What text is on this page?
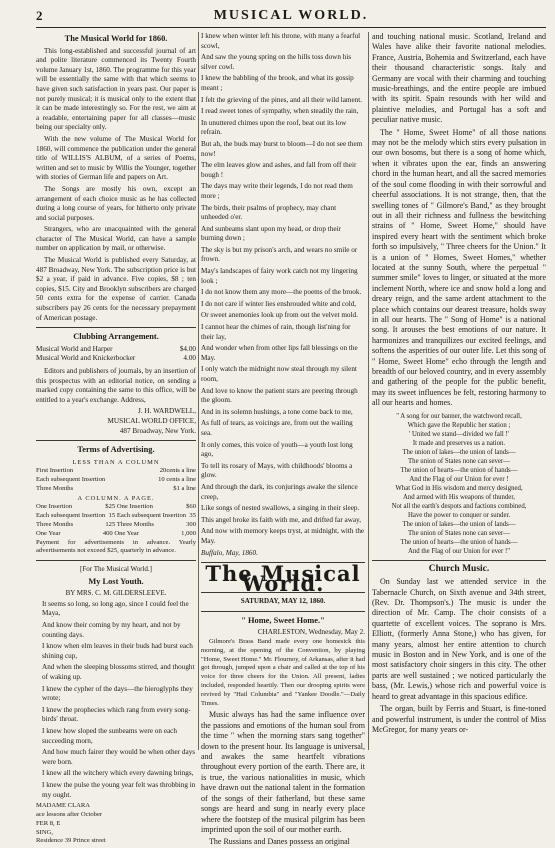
2	MUSICAL WORLD.
The Musical World for 1860.

This long-established and successful journal of art and polite literature commenced its Twenty Fourth volume January 1st, 1860. The programme for this year will be essentially the same with that which seems to have given such satisfaction in years past. Our paper is not purely musical; it is musical only to the extent that it can be made interestingly so. For the rest, we aim at a readable, entertaining paper for all classes—music being our specialty only.

With the new volume of The Musical World for 1860, will commence the publication under the general title of WILLIS'S ALBUM, of a series of Poems, written and set to music by Willis the Younger, together with stories of German life and papers on Art.

The Songs are mostly his own, except an arrangement of each choice music as he has collected during a long course of years, for hitherto only private and social purposes.

Strangers, who are unacquainted with the general character of The Musical World, can have a sample number on application by mail, or otherwise.

The Musical World is published every Saturday, at 487 Broadway, New York. The subscription price is but $2 a year, if paid in advance. Five copies, $8 ; ten copies, $15. City and Brooklyn subscribers are charged 50 cents extra for the expense of carrier. Canada subscribers pay 26 cents for the necessary prepayment of American postage.

Clubbing Arrangement.
Musical World and Harper	$4.00
Musical World and Knickerbocker	4.00

Editors and publishers of journals, by an insertion of this prospectus with an editorial notice, on sending a marked copy containing the same to this office, will be entitled to a year's exchange. Address,

J. H. WARDWELL,
MUSICAL WORLD OFFICE,
487 Broadway, New York.
Terms of Advertising.
LESS THAN A COLUMN
First Insertion	20cents a line
Each subsequent Insertion	10 cents a line
Three Months	$1 a line
A COLUMN. A PAGE.
One Insertion	$25 One Insertion	$60
Each subsequent Insertion 15 Each subsequent Insertion 35
Three Months	125 Three Months	300
One Year	400 One Year	1,000

Payment for advertisements in advance. Yearly advertisements not exceed $25, quarterly in advance.

[For The Musical World.]
My Lost Youth.
BY MRS. C. M. GILDERSLEEVE.

It seems so long, so long ago, since I could feel the Maya,

And know their coming by my heart, and not by counting days.

I know when elm leaves in their buds had burst each shining cup,

And when the sleeping blossoms stirred, and thought of waking up.

I knew the cypher of the days—the hieroglyphs they wrote;

I knew the prophecies which rang from every song-birds' throat.

I knew how sloped the sunbeams were on each succeeding morn,

And how much fairer they would be when other days were born.

I knew all the witchery which every dawning brings,

I knew the pulse the young year felt was throbbing in my ought.

MADAME CLARA
ace lessons after October
FER 8, E
SING,
Residence 39 Prince street

I knew when winter left his throne, with many a fearful scowl,

And saw the young spring on the hills toss down his silver cowl.

I knew the babbling of the brook, and what its gossip meant ;

I felt the grieving of the pines, and all their wild lament.

I read sweet tones of sympathy, when steadily the rain,

In unuttered chimes upon the roof, beat out its low refrain.

But ah, the buds may burst to bloom—I do not see them now!

The elm leaves glow and ashes, and fall from off their bough !

The days may write their legends, I do not read them more ;

The birds, their psalms of prophecy, may chant unheeded o'er.

And sunbeams slant upon my head, or drop their burning down ;

The sky is but my prison's arch, and wears no smile or frown.

May's landscapes of fairy work catch not my lingering look ;

I do not know them any more—the poems of the brook.

I do not care if winter lies enshrouded white and cold,

Or sweet anemonies look up from out the velvet mold.

I cannot hear the chimes of rain, though list'ning for their lay,

And wonder when from other lips fall blessings on the May.

I only watch the midnight now steal through my silent room,

And love to know the patient stars are peering through the gloom.

And in its solemn hushings, a tone come back to me,

As full of tears, as voicings are, from out the wailing sea.

It only comes, this voice of youth—a youth lost long ago,

To tell its rosary of Mays, with childhoods' blooms a glow.

And through the dark, its conjurings awake the silence creep,

Like songs of nested swallows, a singing in their sleep.

This angel broke its faith with me, and drifted far away,

And now with memory keeps tryst, at midnight, with the May.

Buffalo, May, 1860.

The Musical World.
SATURDAY, MAY 12, 1860.
" Home, Sweet Home."
CHARLESTON, Wednesday, May 2.

Gilmore's Brass Band made every one homesick this morning, at the opening of the Convention, by playing "Home, Sweet Home." Mr. Flournoy, of Arkansas, after it had got through, jumped upon a chair and called at the top of his voice for three cheers for the Union. All present, ladies included, responded heartily. Then our drooping spirits were revived by "Hail Columbia" and "Yankee Doodle."—Daily Times.

Music always has had the same influence over the passions and emotions of the human soul from the time " when the morning stars sang together" down to the present hour. Its language is universal, and awakes the same heartfelt vibrations throughout every portion of the earth. There are, it is true, the various nationalities in music, which have drawn out the national talent in the formation of the songs of their fatherland, but these same songs are heard and sung in nearly every place where the footstep of the musical pilgrim has been imprinted upon the soil of our mother earth.

The Russians and Danes possess an original

and touching national music. Scotland, Ireland and Wales have alike their favorite national melodies. France, Austria, Bohemia and Switzerland, each have their thousand characteristic songs. Italy and Germany are vocal with their charming and touching music-breathings, and the entire people are imbued with its spirit. Spain resounds with her wild and plaintive melodies, and Portugal has a soft and peculiar native music.

The " Home, Sweet Home" of all those nations may not be the melody which stirs every pulsation in our own bosoms, but there is a song of home which, when it vibrates upon the ear, finds an answering chord in the human heart, and all the sacred memories of the soul come flooding in with their sorrowful and cheerful associations. It is not strange, then, that the swelling tones of " Gilmore's Band," as they brought out in all their richness and fullness the bewitching strains of " Home, Sweet Home," should have inspired every heart with the sentiment which broke forth so impulsively, " Three cheers for the Union." It is a union of " Homes, Sweet Homes," whether located at the sunny South, where the perpetual " summer smile" loves to linger, or situated at the more inclement North, where ice and snow hold a long and dreary reign, and the same ardent attachment to the place which contains our dearest treasure, holds sway in all our hearts. The " Song of Home" is a national song. It arouses the best emotions of our nature. It harmonizes and tranquilizes our excited feelings, and softens the asperities of our outer life. Let this song of " Home, Sweet Home" echo through the length and breadth of our beloved country, and in every assembly and gathering of the people for the public benefit, may its sweet influences be felt, restoring harmony to all our hearts and homes.

" A song for our banner, the watchword recall,

Which gave the Republic her station ;

' United we stand—divided we fall !'

It made and preserves us a nation.

The union of lakes—the union of lands—

The union of States none can sever—

The union of hearts—the union of hands—

And the Flag of our Union for ever !

What God in His wisdom and mercy designed,

And armed with His weapons of thunder,

Not all the earth's despots and factions combined,

Have the power to conquer or sunder.

The union of lakes—the union of lands—

The union of States none can sever—

The union of hearts—the union of hands—

And the Flag of our Union for ever !"

Church Music.

On Sunday last we attended service in the Tabernacle Church, on Sixth avenue and 34th street, (Rev. Dr. Thompson's.) The music is under the direction of Mr. Camp. The choir consists of a quartette of excellent voices. The soprano is Mrs. Elliott, (formerly Anna Stone,) who has given, for many years, almost her entire attention to church music in Boston and in New York, and is one of the most satisfactory choir singers in this city. The other parts are well sustained ; we noticed particularly the bass, (Mr. Lewis,) whose rich and powerful voice is heard to great advantage in this spacious edifice.

The organ, built by Ferris and Stuart, is fine-toned and powerful instrument, is under the control of Miss McGregor, for many years or-
